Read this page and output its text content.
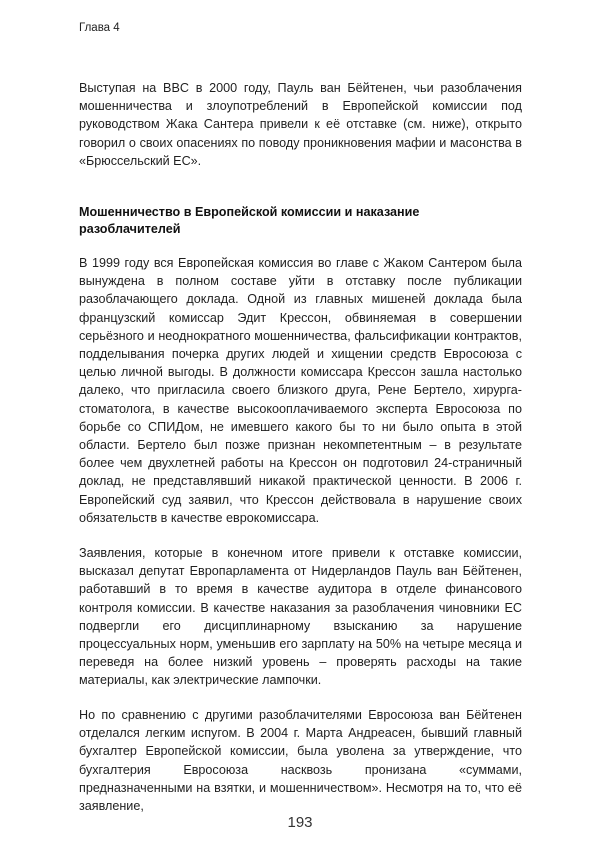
Глава 4
Выступая на BBC в 2000 году, Пауль ван Бёйтенен, чьи разоблачения мошенничества и злоупотреблений в Европейской комиссии под руководством Жака Сантера привели к её отставке (см. ниже), открыто говорил о своих опасениях по поводу проникновения мафии и масонства в «Брюссельский ЕС».
Мошенничество в Европейской комиссии и наказание разоблачителей
В 1999 году вся Европейская комиссия во главе с Жаком Сантером была вынуждена в полном составе уйти в отставку после публикации разоблачающего доклада. Одной из главных мишеней доклада была французский комиссар Эдит Крессон, обвиняемая в совершении серьёзного и неоднократного мошенничества, фальсификации контрактов, подделывания почерка других людей и хищении средств Евросоюза с целью личной выгоды. В должности комиссара Крессон зашла настолько далеко, что пригласила своего близкого друга, Рене Бертело, хирурга-стоматолога, в качестве высокооплачиваемого эксперта Евросоюза по борьбе со СПИДом, не имевшего какого бы то ни было опыта в этой области. Бертело был позже признан некомпетентным – в результате более чем двухлетней работы на Крессон он подготовил 24-страничный доклад, не представлявший никакой практической ценности. В 2006 г. Европейский суд заявил, что Крессон действовала в нарушение своих обязательств в качестве еврокомиссара.
Заявления, которые в конечном итоге привели к отставке комиссии, высказал депутат Европарламента от Нидерландов Пауль ван Бёйтенен, работавший в то время в качестве аудитора в отделе финансового контроля комиссии. В качестве наказания за разоблачения чиновники ЕС подвергли его дисциплинарному взысканию за нарушение процессуальных норм, уменьшив его зарплату на 50% на четыре месяца и переведя на более низкий уровень – проверять расходы на такие материалы, как электрические лампочки.
Но по сравнению с другими разоблачителями Евросоюза ван Бёйтенен отделался легким испугом. В 2004 г. Марта Андреасен, бывший главный бухгалтер Европейской комиссии, была уволена за утверждение, что бухгалтерия Евросоюза насквозь пронизана «суммами, предназначенными на взятки, и мошенничеством». Несмотря на то, что её заявление,
193
